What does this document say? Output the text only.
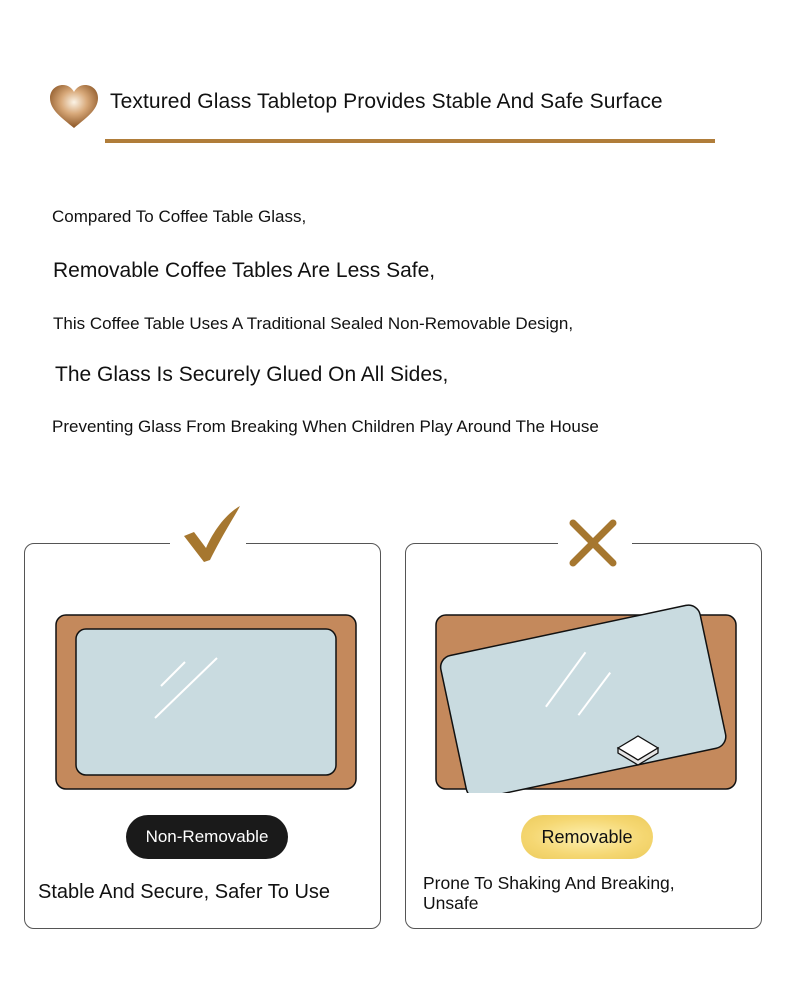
Textured Glass Tabletop Provides Stable And Safe Surface
Compared To Coffee Table Glass,
Removable Coffee Tables Are Less Safe,
This Coffee Table Uses A Traditional Sealed Non-Removable Design,
The Glass Is Securely Glued On All Sides,
Preventing Glass From Breaking When Children Play Around The House
Non-Removable
Stable And Secure, Safer To Use
Removable
Prone To Shaking And Breaking,
Unsafe
